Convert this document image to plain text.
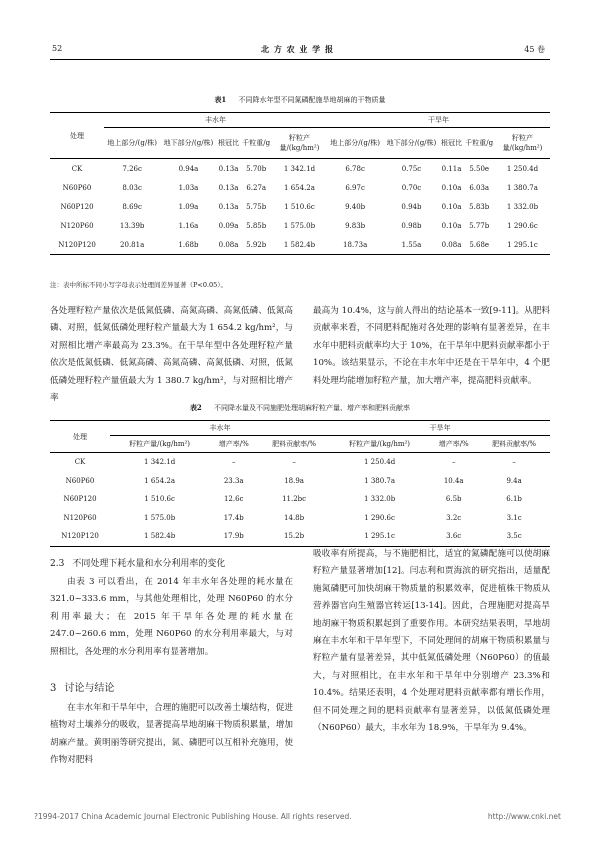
52	北 方 农 业 学 报	45 卷
表1 不同降水年型不同氮磷配施旱地胡麻的干物质量
处理	丰水年					干旱年				
	地上部分/(g/株)	地下部分/(g/株)	根冠比	千粒重/g	籽粒产量/(kg/hm²)	地上部分/(g/株)	地下部分/(g/株)	根冠比	千粒重/g	籽粒产量/(kg/hm²)
CK	7.26c	0.94a	0.13a	5.70b	1 342.1d	6.78c	0.75c	0.11a	5.50e	1 250.4d
N60P60	8.03c	1.03a	0.13a	6.27a	1 654.2a	6.97c	0.70c	0.10a	6.03a	1 380.7a
N60P120	8.69c	1.09a	0.13a	5.75b	1 510.6c	9.40b	0.94b	0.10a	5.83b	1 332.0b
N120P60	13.39b	1.16a	0.09a	5.85b	1 575.0b	9.83b	0.98b	0.10a	5.77b	1 290.6c
N120P120	20.81a	1.68b	0.08a	5.92b	1 582.4b	18.73a	1.55a	0.08a	5.68e	1 295.1c
注：表中所标不同小写字母表示处理间差异显著（P<0.05）。

各处理籽粒产量依次是低氮低磷、高氮高磷、高氮低磷、低氮高磷、对照，低氮低磷处理籽粒产量最大为 1 654.2 kg/hm²，与对照相比增产率最高为 23.3%。在干旱年型中各处理籽粒产量依次是低氮低磷、低氮高磷、高氮高磷、高氮低磷、对照，低氮低磷处理籽粒产量值最大为 1 380.7 kg/hm²，与对照相比增产率

最高为 10.4%，这与前人得出的结论基本一致[9-11]。从肥料贡献率来看，不同肥料配施对各处理的影响有显著差异，在丰水年中肥料贡献率均大于 10%，在干旱年中肥料贡献率都小于 10%。该结果显示，不论在丰水年中还是在干旱年中，4 个肥料处理均能增加籽粒产量，加大增产率，提高肥料贡献率。

表2 不同降水量及不同施肥处理胡麻籽粒产量、增产率和肥料贡献率
处理	丰水年			干旱年		
	籽粒产量/(kg/hm²)	增产率/%	肥料贡献率/%	籽粒产量/(kg/hm²)	增产率/%	肥料贡献率/%
CK	1 342.1d	–	–	1 250.4d	–	–
N60P60	1 654.2a	23.3a	18.9a	1 380.7a	10.4a	9.4a
N60P120	1 510.6c	12.6c	11.2bc	1 332.0b	6.5b	6.1b
N120P60	1 575.0b	17.4b	14.8b	1 290.6c	3.2c	3.1c
N120P120	1 582.4b	17.9b	15.2b	1 295.1c	3.6c	3.5c
2.3 不同处理下耗水量和水分利用率的变化

由表 3 可以看出，在 2014 年丰水年各处理的耗水量在 321.0~333.6 mm，与其他处理相比，处理 N60P60 的水分利用率最大；在 2015 年干旱年各处理的耗水量在 247.0~260.6 mm，处理 N60P60 的水分利用率最大，与对照相比，各处理的水分利用率有显著增加。

3 讨论与结论

在丰水年和干旱年中，合理的施肥可以改善土壤结构，促进植物对土壤养分的吸收，显著提高旱地胡麻干物质积累量，增加胡麻产量。黄明丽等研究提出，氮、磷肥可以互相补充施用，使作物对肥料

吸收率有所提高，与不施肥相比，适宜的氮磷配施可以使胡麻籽粒产量显著增加[12]。闫志利和贾海滨的研究指出，适量配施氮磷肥可加快胡麻干物质量的积累效率，促进植株干物质从营养器官向生殖器官转运[13-14]。因此，合理施肥对提高旱地胡麻干物质积累起到了重要作用。本研究结果表明，旱地胡麻在丰水年和干旱年型下，不同处理间的胡麻干物质积累量与籽粒产量有显著差异，其中低氮低磷处理（N60P60）的值最大，与对照相比，在丰水年和干旱年中分别增产 23.3%和 10.4%。结果还表明，4 个处理对肥料贡献率都有增长作用，但不同处理之间的肥料贡献率有显著差异，以低氮低磷处理（N60P60）最大，丰水年为 18.9%，干旱年为 9.4%。

?1994-2017 China Academic Journal Electronic Publishing House. All rights reserved.	http://www.cnki.net
